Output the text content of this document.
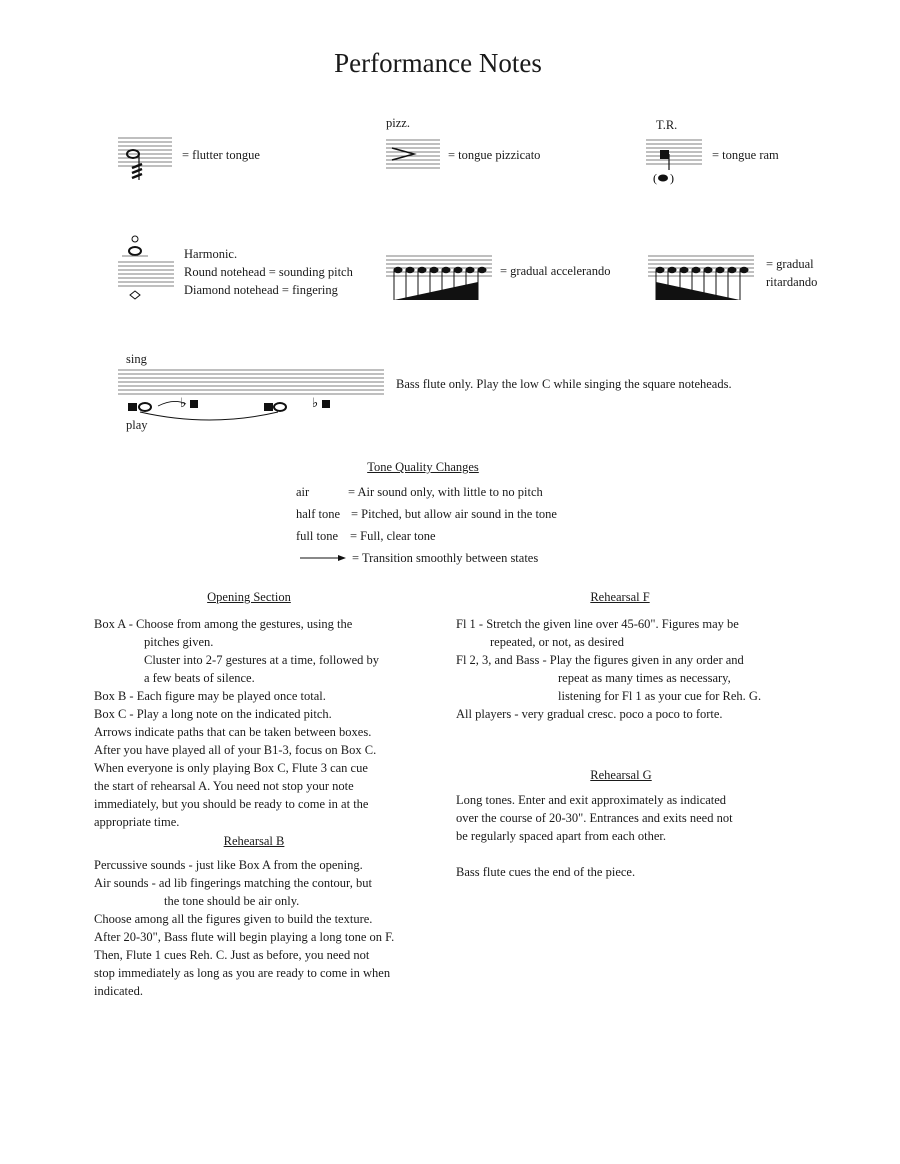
Performance Notes
= flutter tongue
pizz.
= tongue pizzicato
T.R.
( )
= tongue ram
Harmonic.
Round notehead = sounding pitch
Diamond notehead = fingering
= gradual accelerando	= gradual
ritardando
sing
♭	♭
play
Bass flute only. Play the low C while singing the square noteheads.
Tone Quality Changes
air	= Air sound only, with little to no pitch
half tone = Pitched, but allow air sound in the tone
full tone = Full, clear tone
= Transition smoothly between states
Opening Section
Box A - Choose from among the gestures, using the
pitches given.
Cluster into 2-7 gestures at a time, followed by
a few beats of silence.
Box B - Each figure may be played once total.
Box C - Play a long note on the indicated pitch.
Arrows indicate paths that can be taken between boxes.
After you have played all of your B1-3, focus on Box C.
When everyone is only playing Box C, Flute 3 can cue
the start of rehearsal A. You need not stop your note
immediately, but you should be ready to come in at the
appropriate time.
Rehearsal B
Percussive sounds - just like Box A from the opening.
Air sounds - ad lib fingerings matching the contour, but
the tone should be air only.
Choose among all the figures given to build the texture.
After 20-30", Bass flute will begin playing a long tone on F.
Then, Flute 1 cues Reh. C. Just as before, you need not
stop immediately as long as you are ready to come in when
indicated.
Rehearsal F
Fl 1 - Stretch the given line over 45-60". Figures may be
repeated, or not, as desired
Fl 2, 3, and Bass - Play the figures given in any order and
repeat as many times as necessary,
listening for Fl 1 as your cue for Reh. G.
All players - very gradual cresc. poco a poco to forte.
Rehearsal G
Long tones. Enter and exit approximately as indicated
over the course of 20-30". Entrances and exits need not
be regularly spaced apart from each other.
Bass flute cues the end of the piece.
